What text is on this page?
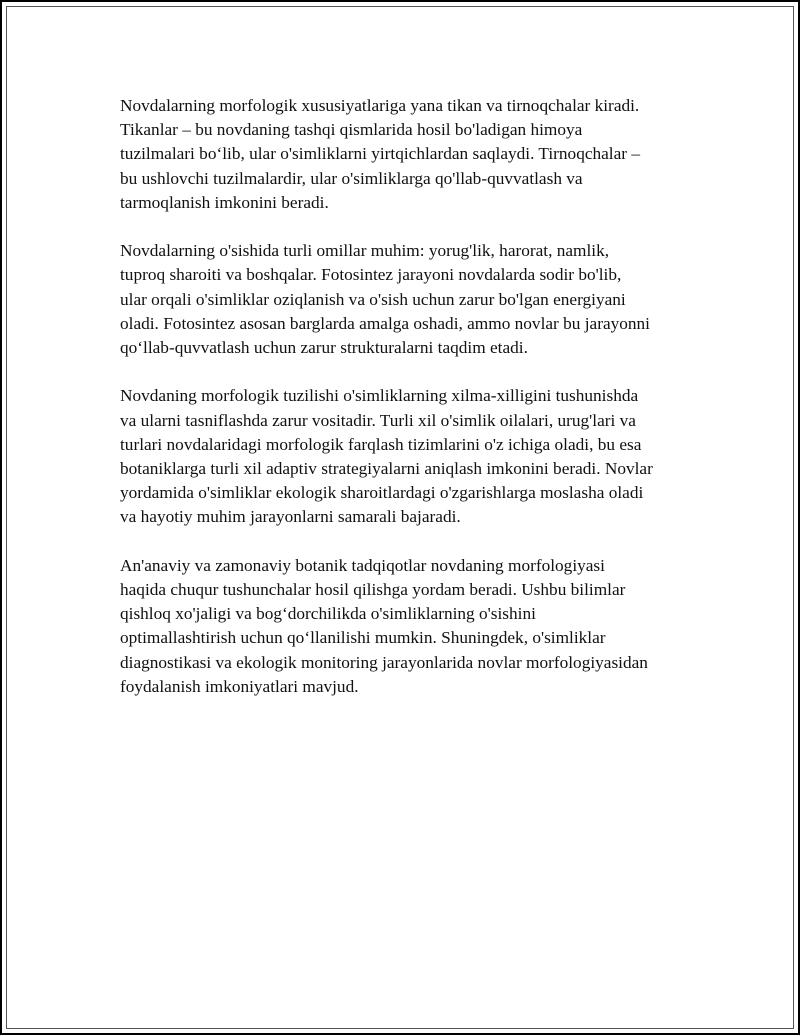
Novdalarning morfologik xususiyatlariga yana tikan va tirnoqchalar kiradi.
Tikanlar – bu novdaning tashqi qismlarida hosil bo'ladigan himoya
tuzilmalari bo‘lib, ular o'simliklarni yirtqichlardan saqlaydi. Tirnoqchalar –
bu ushlovchi tuzilmalardir, ular o'simliklarga qo'llab-quvvatlash va
tarmoqlanish imkonini beradi.

Novdalarning o'sishida turli omillar muhim: yorug'lik, harorat, namlik,
tuproq sharoiti va boshqalar. Fotosintez jarayoni novdalarda sodir bo'lib,
ular orqali o'simliklar oziqlanish va o'sish uchun zarur bo'lgan energiyani
oladi. Fotosintez asosan barglarda amalga oshadi, ammo novlar bu jarayonni
qo‘llab-quvvatlash uchun zarur strukturalarni taqdim etadi.

Novdaning morfologik tuzilishi o'simliklarning xilma-xilligini tushunishda
va ularni tasniflashda zarur vositadir. Turli xil o'simlik oilalari, urug'lari va
turlari novdalaridagi morfologik farqlash tizimlarini o'z ichiga oladi, bu esa
botaniklarga turli xil adaptiv strategiyalarni aniqlash imkonini beradi. Novlar
yordamida o'simliklar ekologik sharoitlardagi o'zgarishlarga moslasha oladi
va hayotiy muhim jarayonlarni samarali bajaradi.

An'anaviy va zamonaviy botanik tadqiqotlar novdaning morfologiyasi
haqida chuqur tushunchalar hosil qilishga yordam beradi. Ushbu bilimlar
qishloq xo'jaligi va bog‘dorchilikda o'simliklarning o'sishini
optimallashtirish uchun qo‘llanilishi mumkin. Shuningdek, o'simliklar
diagnostikasi va ekologik monitoring jarayonlarida novlar morfologiyasidan
foydalanish imkoniyatlari mavjud.
